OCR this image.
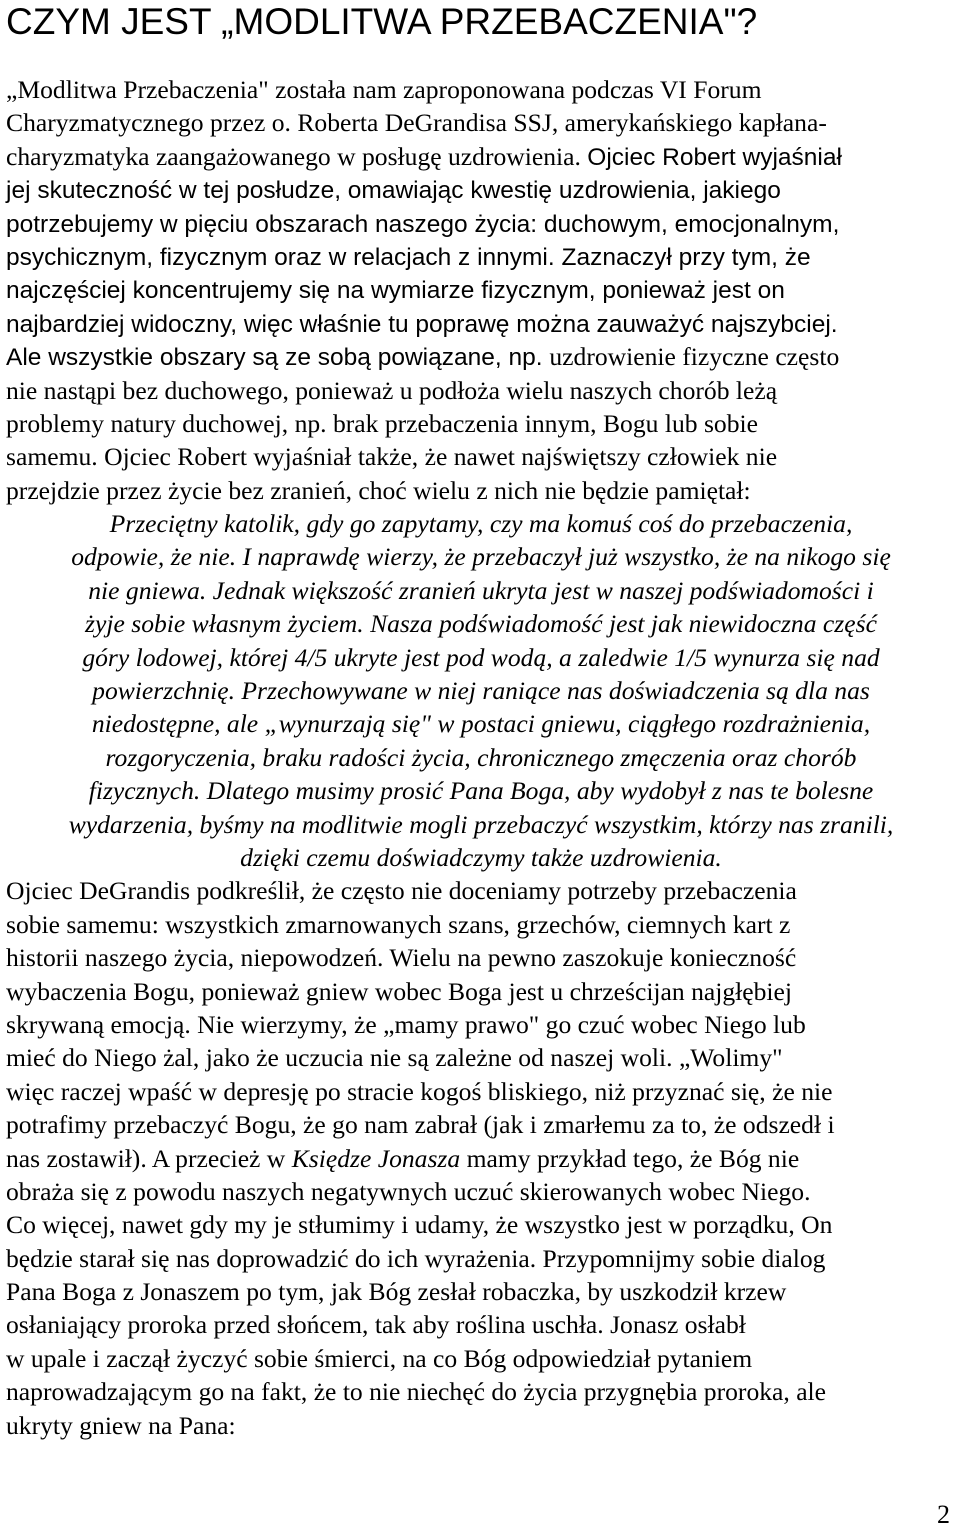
CZYM JEST „MODLITWA PRZEBACZENIA"?
„Modlitwa Przebaczenia" została nam zaproponowana podczas VI Forum
Charyzmatycznego przez o. Roberta DeGrandisa SSJ, amerykańskiego kapłana-
charyzmatyka zaangażowanego w posługę uzdrowienia. Ojciec Robert wyjaśniał
jej skuteczność w tej posłudze, omawiając kwestię uzdrowienia, jakiego
potrzebujemy w pięciu obszarach naszego życia: duchowym, emocjonalnym,
psychicznym, fizycznym oraz w relacjach z innymi. Zaznaczył przy tym, że
najczęściej koncentrujemy się na wymiarze fizycznym, ponieważ jest on
najbardziej widoczny, więc właśnie tu poprawę można zauważyć najszybciej.
Ale wszystkie obszary są ze sobą powiązane, np. uzdrowienie fizyczne często
nie nastąpi bez duchowego, ponieważ u podłoża wielu naszych chorób leżą
problemy natury duchowej, np. brak przebaczenia innym, Bogu lub sobie
samemu. Ojciec Robert wyjaśniał także, że nawet najświętszy człowiek nie
przejdzie przez życie bez zranień, choć wielu z nich nie będzie pamiętał:
Przeciętny katolik, gdy go zapytamy, czy ma komuś coś do przebaczenia,
odpowie, że nie. I naprawdę wierzy, że przebaczył już wszystko, że na nikogo się
nie gniewa. Jednak większość zranień ukryta jest w naszej podświadomości i
żyje sobie własnym życiem. Nasza podświadomość jest jak niewidoczna część
góry lodowej, której 4/5 ukryte jest pod wodą, a zaledwie 1/5 wynurza się nad
powierzchnię. Przechowywane w niej raniące nas doświadczenia są dla nas
niedostępne, ale „wynurzają się" w postaci gniewu, ciągłego rozdrażnienia,
rozgoryczenia, braku radości życia, chronicznego zmęczenia oraz chorób
fizycznych. Dlatego musimy prosić Pana Boga, aby wydobył z nas te bolesne
wydarzenia, byśmy na modlitwie mogli przebaczyć wszystkim, którzy nas zranili,
dzięki czemu doświadczymy także uzdrowienia.
Ojciec DeGrandis podkreślił, że często nie doceniamy potrzeby przebaczenia
sobie samemu: wszystkich zmarnowanych szans, grzechów, ciemnych kart z
historii naszego życia, niepowodzeń. Wielu na pewno zaszokuje konieczność
wybaczenia Bogu, ponieważ gniew wobec Boga jest u chrześcijan najgłębiej
skrywaną emocją. Nie wierzymy, że „mamy prawo" go czuć wobec Niego lub
mieć do Niego żal, jako że uczucia nie są zależne od naszej woli. „Wolimy"
więc raczej wpaść w depresję po stracie kogoś bliskiego, niż przyznać się, że nie
potrafimy przebaczyć Bogu, że go nam zabrał (jak i zmarłemu za to, że odszedł i
nas zostawił). A przecież w Księdze Jonasza mamy przykład tego, że Bóg nie
obraża się z powodu naszych negatywnych uczuć skierowanych wobec Niego.
Co więcej, nawet gdy my je stłumimy i udamy, że wszystko jest w porządku, On
będzie starał się nas doprowadzić do ich wyrażenia. Przypomnijmy sobie dialog
Pana Boga z Jonaszem po tym, jak Bóg zesłał robaczka, by uszkodził krzew
osłaniający proroka przed słońcem, tak aby roślina uschła. Jonasz osłabł
w upale i zaczął życzyć sobie śmierci, na co Bóg odpowiedział pytaniem
naprowadzającym go na fakt, że to nie niechęć do życia przygnębia proroka, ale
ukryty gniew na Pana:
2
